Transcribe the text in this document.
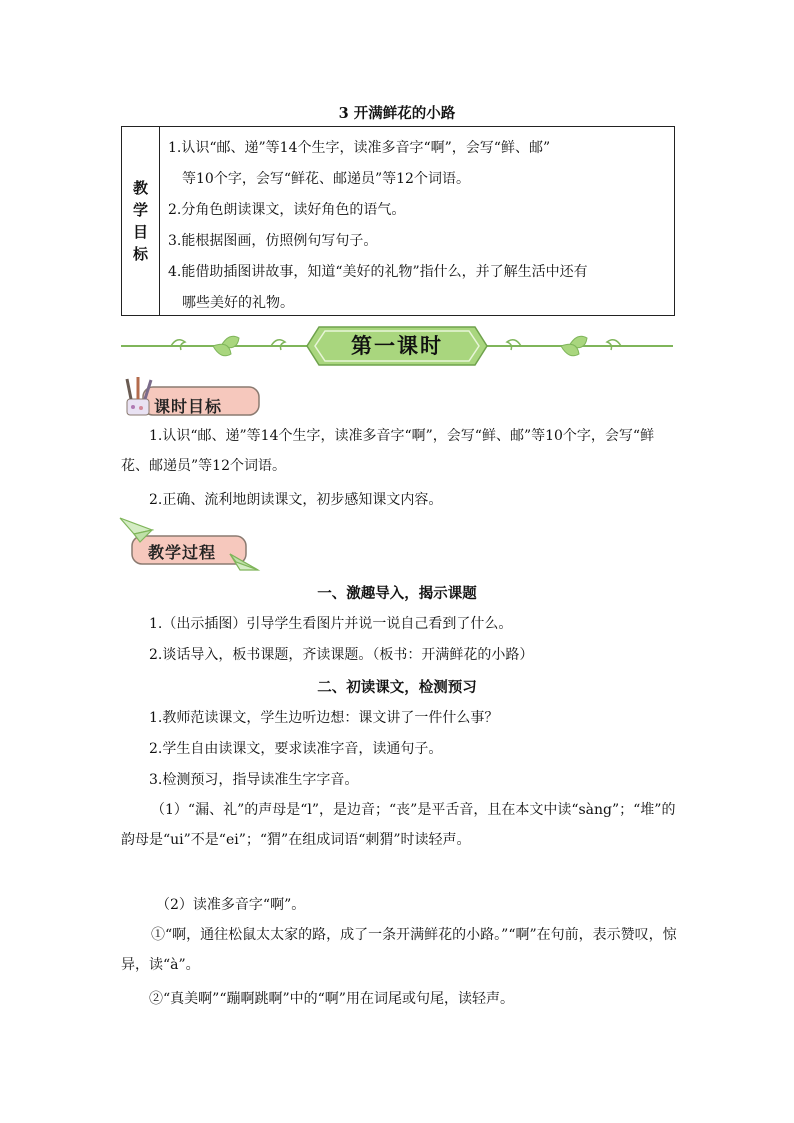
3 开满鲜花的小路
教
学
目
标
1.认识“邮、递”等14个生字，读准多音字“啊”，会写“鲜、邮”
等10个字，会写“鲜花、邮递员”等12个词语。
2.分角色朗读课文，读好角色的语气。
3.能根据图画，仿照例句写句子。
4.能借助插图讲故事，知道“美好的礼物”指什么，并了解生活中还有
哪些美好的礼物。
第一课时
课时目标
1.认识“邮、递”等14个生字，读准多音字“啊”，会写“鲜、邮”等10个字，会写“鲜花、邮递员”等12个词语。
2.正确、流利地朗读课文，初步感知课文内容。
教学过程
一、激趣导入，揭示课题
1.（出示插图）引导学生看图片并说一说自己看到了什么。
2.谈话导入，板书课题，齐读课题。（板书：开满鲜花的小路）
二、初读课文，检测预习
1.教师范读课文，学生边听边想：课文讲了一件什么事？
2.学生自由读课文，要求读准字音，读通句子。
3.检测预习，指导读准生字字音。
（1）“漏、礼”的声母是“l”，是边音；“丧”是平舌音，且在本文中读“sàng”；“堆”的韵母是“ui”不是“ei”；“猬”在组成词语“刺猬”时读轻声。
（2）读准多音字“啊”。
①“啊，通往松鼠太太家的路，成了一条开满鲜花的小路。”“啊”在句前，表示赞叹，惊异，读“à”。
②“真美啊”“蹦啊跳啊”中的“啊”用在词尾或句尾，读轻声。
